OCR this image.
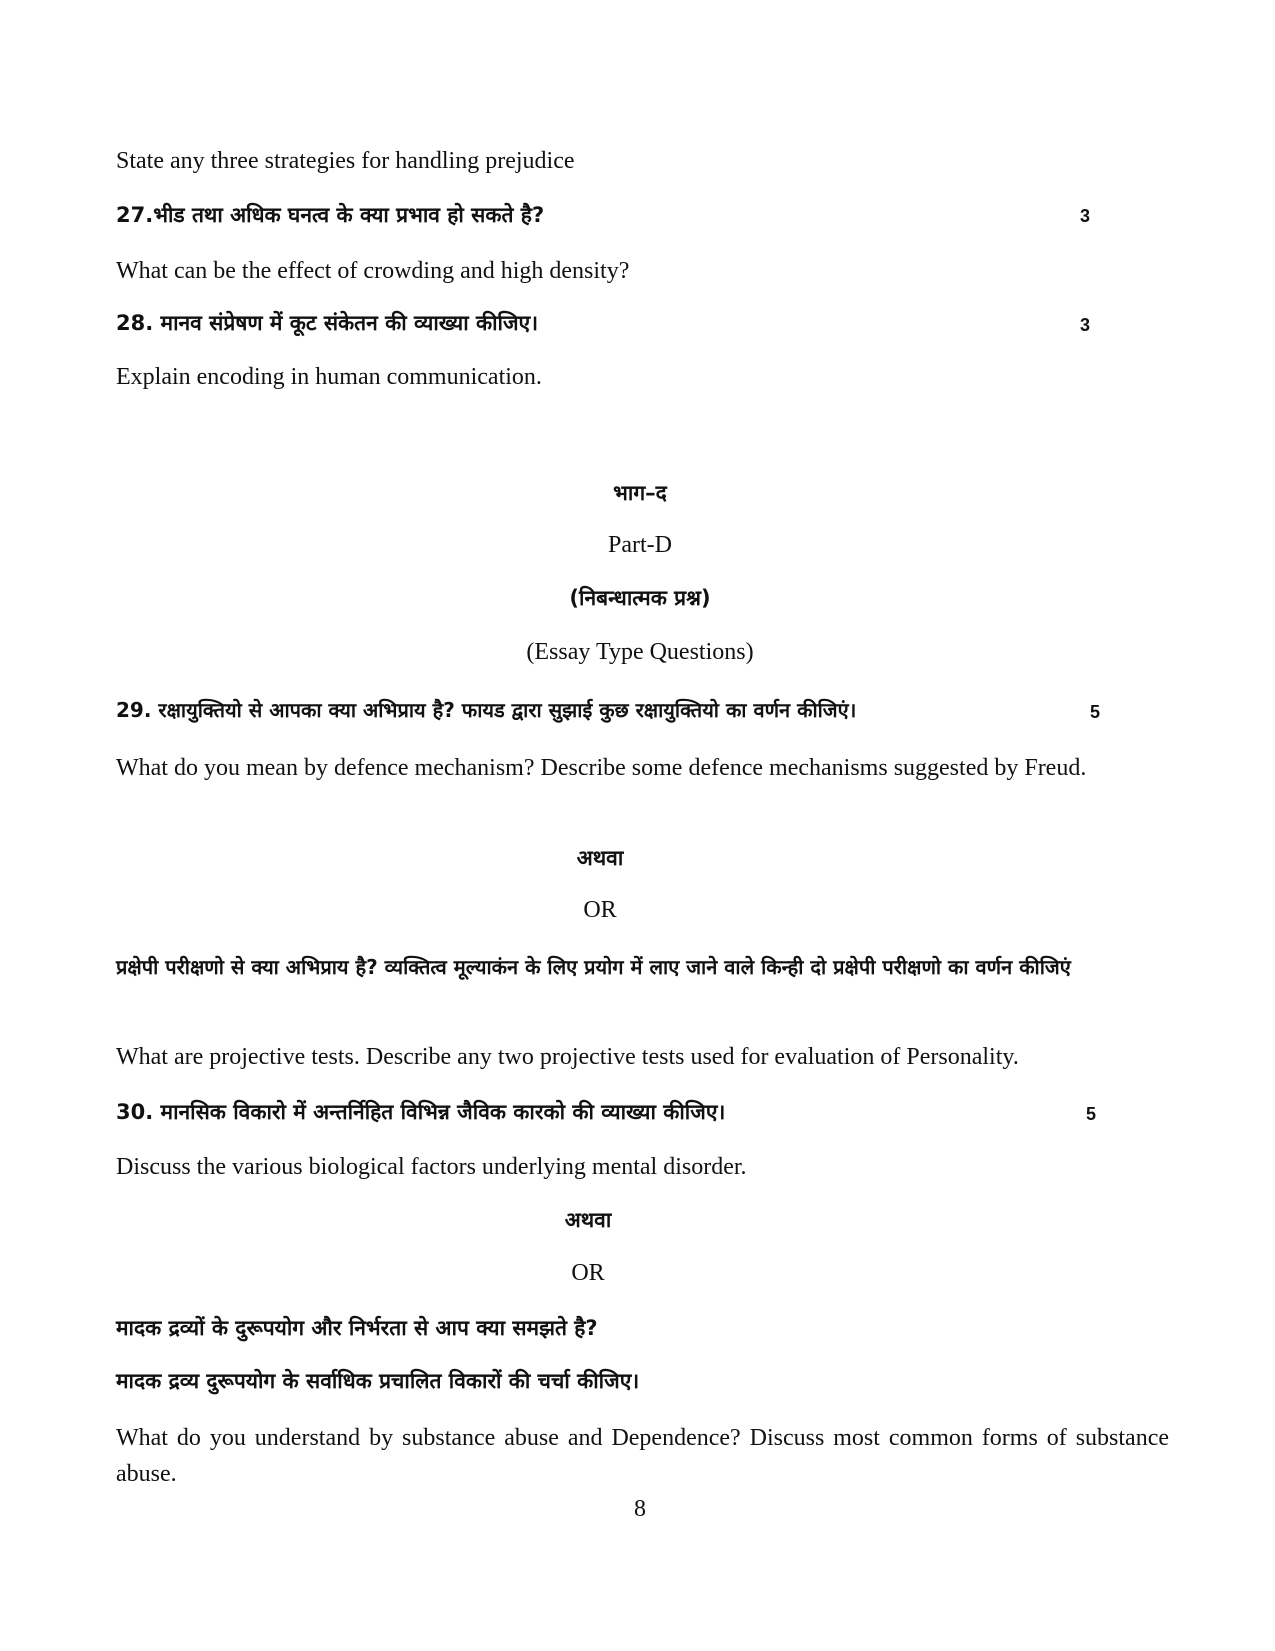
State any three strategies for handling prejudice
27.भीड तथा अधिक घनत्व के क्या प्रभाव हो सकते है?	3
What can be the effect of crowding and high density?
28. मानव संप्रेषण में कूट संकेतन की व्याख्या कीजिए।	3
Explain encoding in human communication.
भाग–द
Part-D
(निबन्धात्मक प्रश्न)
(Essay Type Questions)
29. रक्षायुक्तियो से आपका क्या अभिप्राय है? फायड द्वारा सुझाई कुछ रक्षायुक्तियो का वर्णन कीजिएं।	5
What do you mean by defence mechanism? Describe some defence mechanisms suggested by Freud.
अथवा
OR
प्रक्षेपी परीक्षणो से क्या अभिप्राय है? व्यक्तित्व मूल्याकंन के लिए प्रयोग में लाए जाने वाले किन्ही दो प्रक्षेपी परीक्षणो का वर्णन कीजिएं
What are projective tests. Describe any two projective tests used for evaluation of Personality.
30. मानसिक विकारो में अन्तर्निहित विभिन्न जैविक कारको की व्याख्या कीजिए।	5
Discuss the various biological factors underlying mental disorder.
अथवा
OR
मादक द्रव्यों के दुरूपयोग और निर्भरता से आप क्या समझते है?
मादक द्रव्य दुरूपयोग के सर्वाधिक प्रचालित विकारों की चर्चा कीजिए।
What do you understand by substance abuse and Dependence? Discuss most common forms of substance abuse.
8
